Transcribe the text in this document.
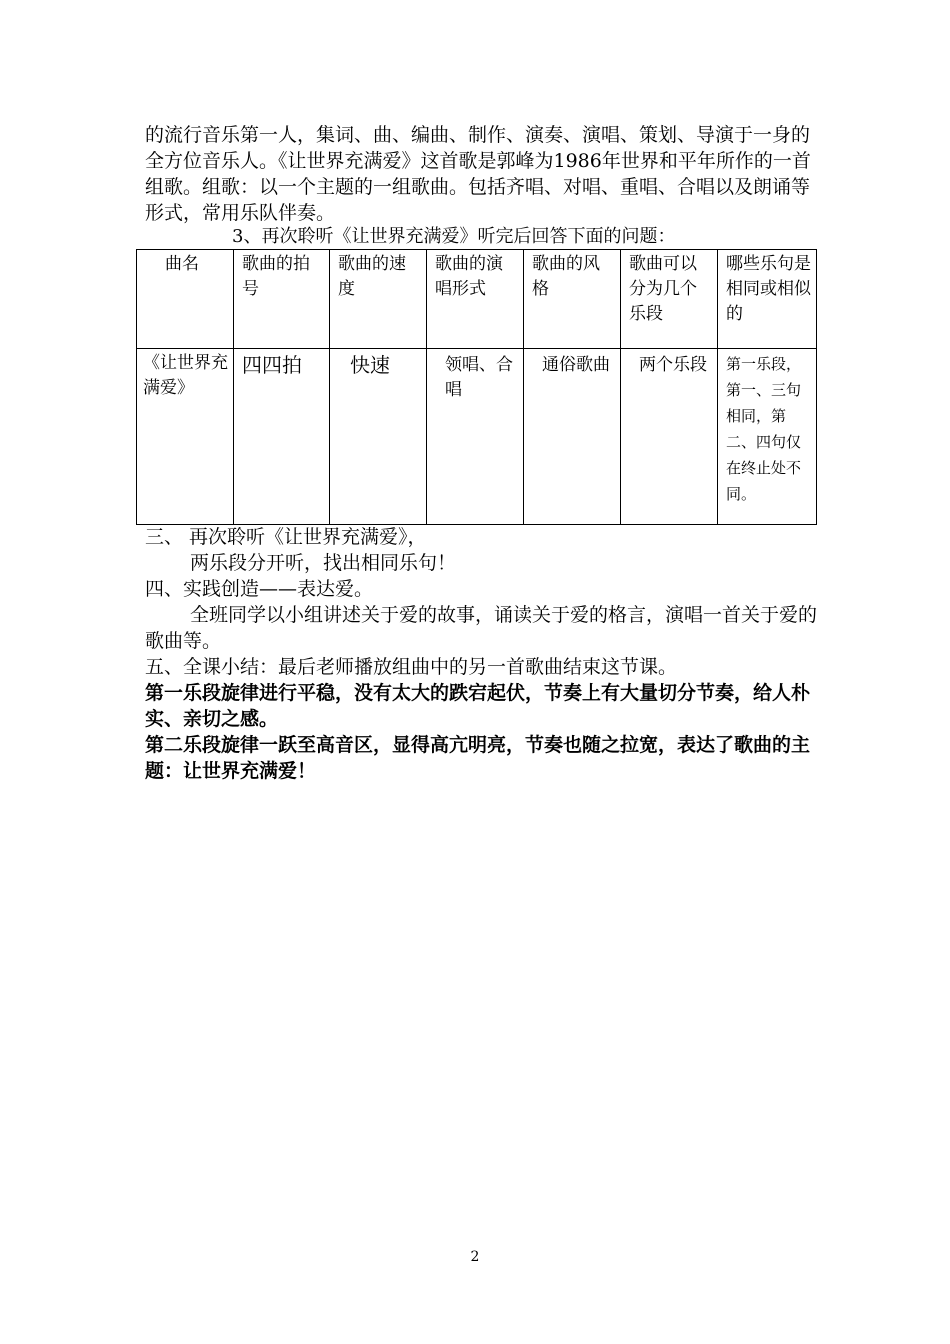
的流行音乐第一人，集词、曲、编曲、制作、演奏、演唱、策划、导演于一身的全方位音乐人。《让世界充满爱》这首歌是郭峰为1986年世界和平年所作的一首组歌。组歌：以一个主题的一组歌曲。包括齐唱、对唱、重唱、合唱以及朗诵等形式，常用乐队伴奏。

3、再次聆听《让世界充满爱》听完后回答下面的问题：

曲名	歌曲的拍号	歌曲的速度	歌曲的演唱形式	歌曲的风格	歌曲可以分为几个乐段	哪些乐句是相同或相似的

《让世界充满爱》	四四拍	快速	领唱、合唱	通俗歌曲	两个乐段	第一乐段，第一、三句相同，第二、四句仅在终止处不同。

三、 再次聆听《让世界充满爱》，

两乐段分开听，找出相同乐句！

四、实践创造——表达爱。

全班同学以小组讲述关于爱的故事，诵读关于爱的格言，演唱一首关于爱的歌曲等。

五、全课小结：最后老师播放组曲中的另一首歌曲结束这节课。

第一乐段旋律进行平稳，没有太大的跌宕起伏，节奏上有大量切分节奏，给人朴实、亲切之感。

第二乐段旋律一跃至高音区，显得高亢明亮，节奏也随之拉宽，表达了歌曲的主题：让世界充满爱！

2
